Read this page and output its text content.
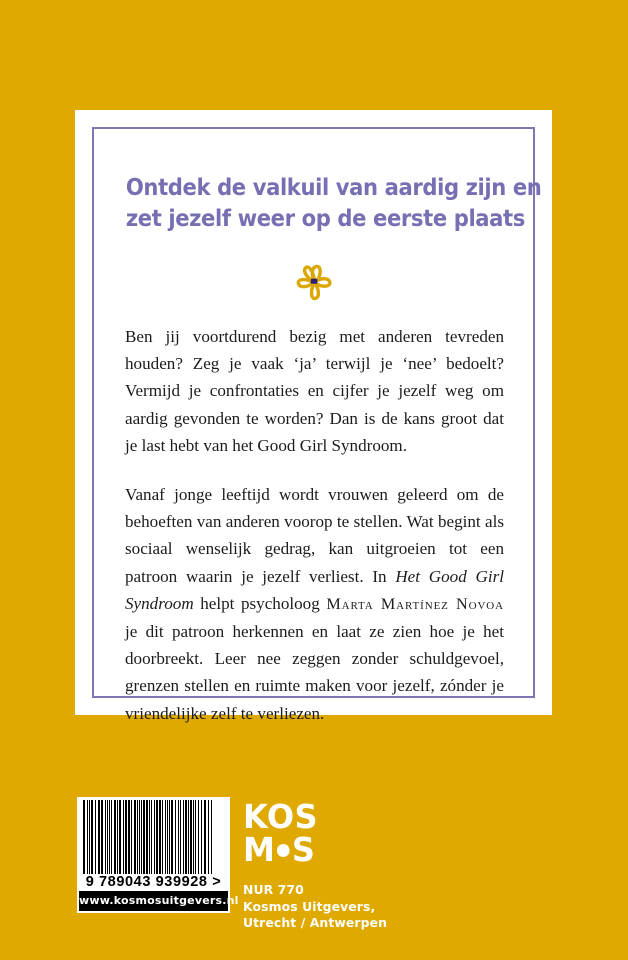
Ontdek de valkuil van aardig zijn en
zet jezelf weer op de eerste plaats

Ben jij voortdurend bezig met anderen tevreden houden? Zeg je vaak ‘ja’ terwijl je ‘nee’ bedoelt? Vermijd je confrontaties en cijfer je jezelf weg om aardig gevonden te worden? Dan is de kans groot dat je last hebt van het Good Girl Syndroom.

Vanaf jonge leeftijd wordt vrouwen geleerd om de behoeften van anderen voorop te stellen. Wat begint als sociaal wenselijk gedrag, kan uitgroeien tot een patroon waarin je jezelf verliest. In Het Good Girl Syndroom helpt psycholoog Marta Martínez Novoa je dit patroon herkennen en laat ze zien hoe je het doorbreekt. Leer nee zeggen zonder schuldgevoel, grenzen stellen en ruimte maken voor jezelf, zónder je vriendelijke zelf te verliezen.

9 789043 939928 >
www.kosmosuitgevers.nl
KOS
M S
NUR 770
Kosmos Uitgevers,
Utrecht / Antwerpen
